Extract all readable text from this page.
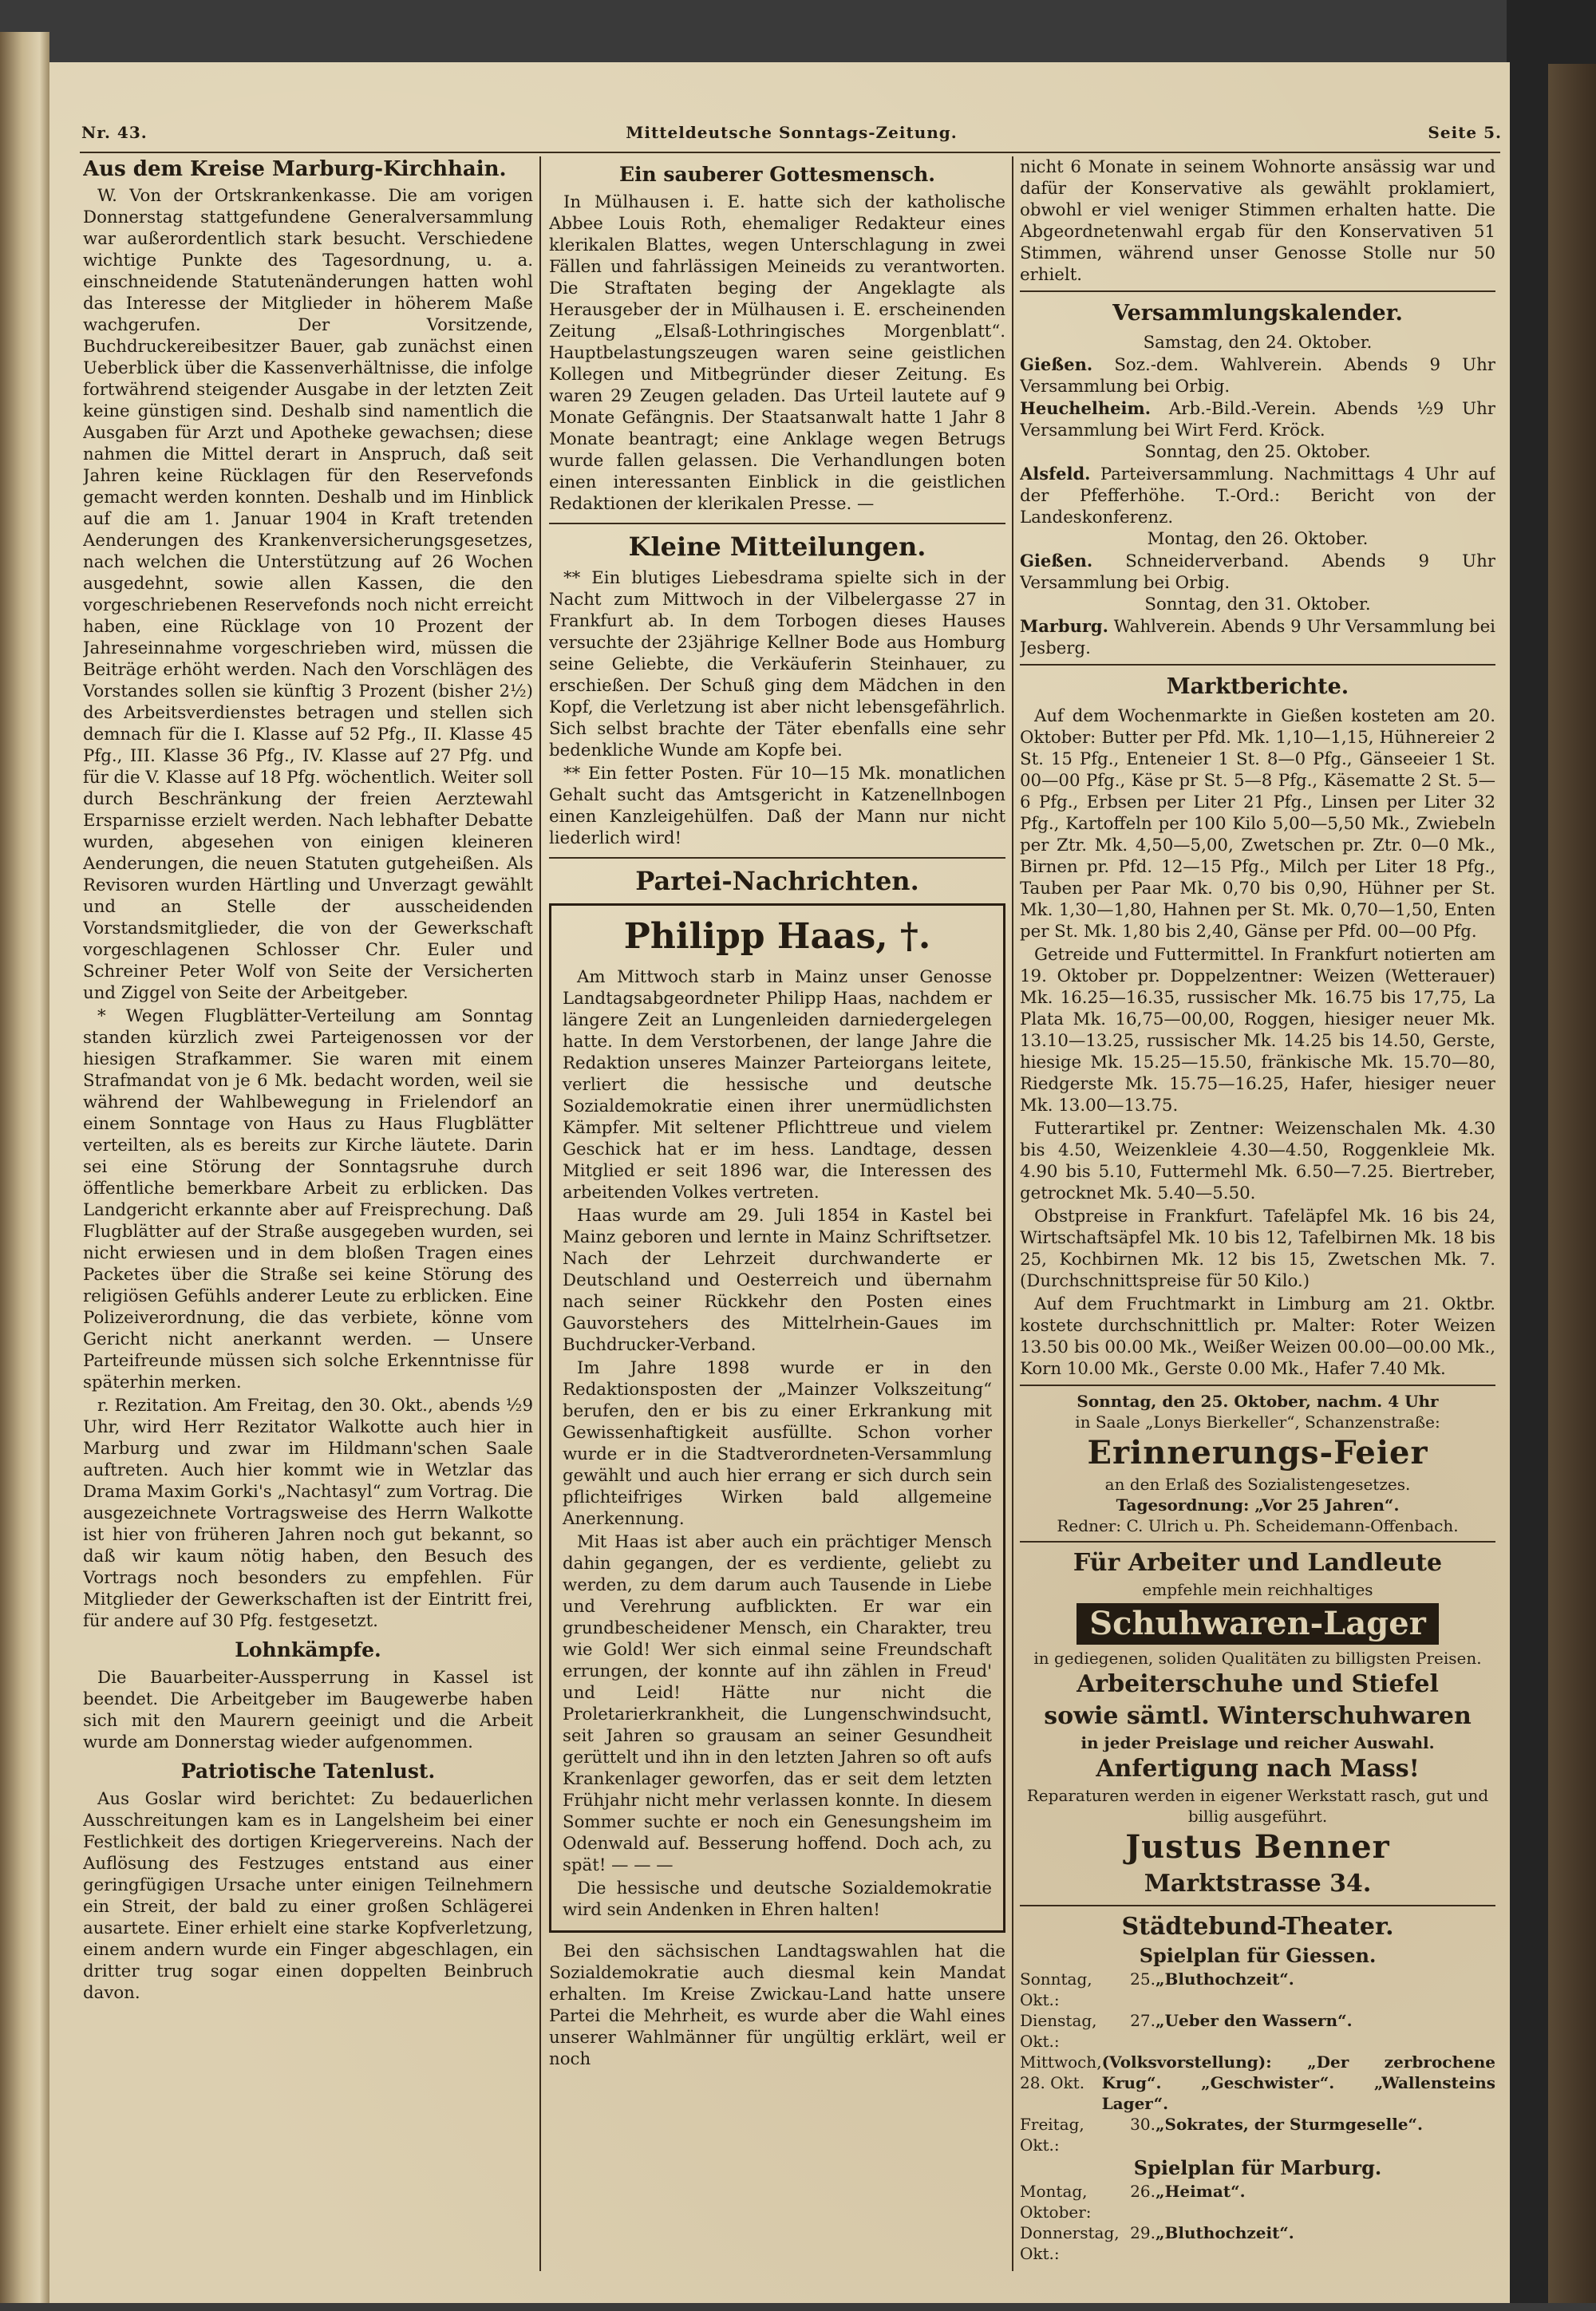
Nr. 43.	Mitteldeutsche Sonntags-Zeitung.	Seite 5.
Aus dem Kreise Marburg-Kirchhain.

W. Von der Ortskrankenkasse. Die am vorigen Donnerstag stattgefundene Generalversammlung war außerordentlich stark besucht. Verschiedene wichtige Punkte des Tagesordnung, u. a. einschneidende Statutenänderungen hatten wohl das Interesse der Mitglieder in höherem Maße wachgerufen. Der Vorsitzende, Buchdruckereibesitzer Bauer, gab zunächst einen Ueberblick über die Kassenverhältnisse, die infolge fortwährend steigender Ausgabe in der letzten Zeit keine günstigen sind. Deshalb sind namentlich die Ausgaben für Arzt und Apotheke gewachsen; diese nahmen die Mittel derart in Anspruch, daß seit Jahren keine Rücklagen für den Reservefonds gemacht werden konnten. Deshalb und im Hinblick auf die am 1. Januar 1904 in Kraft tretenden Aenderungen des Krankenversicherungsgesetzes, nach welchen die Unterstützung auf 26 Wochen ausgedehnt, sowie allen Kassen, die den vorgeschriebenen Reservefonds noch nicht erreicht haben, eine Rücklage von 10 Prozent der Jahreseinnahme vorgeschrieben wird, müssen die Beiträge erhöht werden. Nach den Vorschlägen des Vorstandes sollen sie künftig 3 Prozent (bisher 2½) des Arbeitsverdienstes betragen und stellen sich demnach für die I. Klasse auf 52 Pfg., II. Klasse 45 Pfg., III. Klasse 36 Pfg., IV. Klasse auf 27 Pfg. und für die V. Klasse auf 18 Pfg. wöchentlich. Weiter soll durch Beschränkung der freien Aerztewahl Ersparnisse erzielt werden. Nach lebhafter Debatte wurden, abgesehen von einigen kleineren Aenderungen, die neuen Statuten gutgeheißen. Als Revisoren wurden Härtling und Unverzagt gewählt und an Stelle der ausscheidenden Vorstandsmitglieder, die von der Gewerkschaft vorgeschlagenen Schlosser Chr. Euler und Schreiner Peter Wolf von Seite der Versicherten und Ziggel von Seite der Arbeitgeber.

* Wegen Flugblätter-Verteilung am Sonntag standen kürzlich zwei Parteigenossen vor der hiesigen Strafkammer. Sie waren mit einem Strafmandat von je 6 Mk. bedacht worden, weil sie während der Wahlbewegung in Frielendorf an einem Sonntage von Haus zu Haus Flugblätter verteilten, als es bereits zur Kirche läutete. Darin sei eine Störung der Sonntagsruhe durch öffentliche bemerkbare Arbeit zu erblicken. Das Landgericht erkannte aber auf Freisprechung. Daß Flugblätter auf der Straße ausgegeben wurden, sei nicht erwiesen und in dem bloßen Tragen eines Packetes über die Straße sei keine Störung des religiösen Gefühls anderer Leute zu erblicken. Eine Polizeiverordnung, die das verbiete, könne vom Gericht nicht anerkannt werden. — Unsere Parteifreunde müssen sich solche Erkenntnisse für späterhin merken.

r. Rezitation. Am Freitag, den 30. Okt., abends ½9 Uhr, wird Herr Rezitator Walkotte auch hier in Marburg und zwar im Hildmann'schen Saale auftreten. Auch hier kommt wie in Wetzlar das Drama Maxim Gorki's „Nachtasyl“ zum Vortrag. Die ausgezeichnete Vortragsweise des Herrn Walkotte ist hier von früheren Jahren noch gut bekannt, so daß wir kaum nötig haben, den Besuch des Vortrags noch besonders zu empfehlen. Für Mitglieder der Gewerkschaften ist der Eintritt frei, für andere auf 30 Pfg. festgesetzt.

Lohnkämpfe.

Die Bauarbeiter-Aussperrung in Kassel ist beendet. Die Arbeitgeber im Baugewerbe haben sich mit den Maurern geeinigt und die Arbeit wurde am Donnerstag wieder aufgenommen.

Patriotische Tatenlust.

Aus Goslar wird berichtet: Zu bedauerlichen Ausschreitungen kam es in Langelsheim bei einer Festlichkeit des dortigen Kriegervereins. Nach der Auflösung des Festzuges entstand aus einer geringfügigen Ursache unter einigen Teilnehmern ein Streit, der bald zu einer großen Schlägerei ausartete. Einer erhielt eine starke Kopfverletzung, einem andern wurde ein Finger abgeschlagen, ein dritter trug sogar einen doppelten Beinbruch davon.

Ein sauberer Gottesmensch.

In Mülhausen i. E. hatte sich der katholische Abbee Louis Roth, ehemaliger Redakteur eines klerikalen Blattes, wegen Unterschlagung in zwei Fällen und fahrlässigen Meineids zu verantworten. Die Straftaten beging der Angeklagte als Herausgeber der in Mülhausen i. E. erscheinenden Zeitung „Elsaß-Lothringisches Morgenblatt“. Hauptbelastungszeugen waren seine geistlichen Kollegen und Mitbegründer dieser Zeitung. Es waren 29 Zeugen geladen. Das Urteil lautete auf 9 Monate Gefängnis. Der Staatsanwalt hatte 1 Jahr 8 Monate beantragt; eine Anklage wegen Betrugs wurde fallen gelassen. Die Verhandlungen boten einen interessanten Einblick in die geistlichen Redaktionen der klerikalen Presse. —

Kleine Mitteilungen.

** Ein blutiges Liebesdrama spielte sich in der Nacht zum Mittwoch in der Vilbelergasse 27 in Frankfurt ab. In dem Torbogen dieses Hauses versuchte der 23jährige Kellner Bode aus Homburg seine Geliebte, die Verkäuferin Steinhauer, zu erschießen. Der Schuß ging dem Mädchen in den Kopf, die Verletzung ist aber nicht lebensgefährlich. Sich selbst brachte der Täter ebenfalls eine sehr bedenkliche Wunde am Kopfe bei.

** Ein fetter Posten. Für 10—15 Mk. monatlichen Gehalt sucht das Amtsgericht in Katzenellnbogen einen Kanzleigehülfen. Daß der Mann nur nicht liederlich wird!

Partei-Nachrichten.
Philipp Haas, †.

Am Mittwoch starb in Mainz unser Genosse Landtagsabgeordneter Philipp Haas, nachdem er längere Zeit an Lungenleiden darniedergelegen hatte. In dem Verstorbenen, der lange Jahre die Redaktion unseres Mainzer Parteiorgans leitete, verliert die hessische und deutsche Sozialdemokratie einen ihrer unermüdlichsten Kämpfer. Mit seltener Pflichttreue und vielem Geschick hat er im hess. Landtage, dessen Mitglied er seit 1896 war, die Interessen des arbeitenden Volkes vertreten.

Haas wurde am 29. Juli 1854 in Kastel bei Mainz geboren und lernte in Mainz Schriftsetzer. Nach der Lehrzeit durchwanderte er Deutschland und Oesterreich und übernahm nach seiner Rückkehr den Posten eines Gauvorstehers des Mittelrhein-Gaues im Buchdrucker-Verband.

Im Jahre 1898 wurde er in den Redaktionsposten der „Mainzer Volkszeitung“ berufen, den er bis zu einer Erkrankung mit Gewissenhaftigkeit ausfüllte. Schon vorher wurde er in die Stadtverordneten-Versammlung gewählt und auch hier errang er sich durch sein pflichteifriges Wirken bald allgemeine Anerkennung.

Mit Haas ist aber auch ein prächtiger Mensch dahin gegangen, der es verdiente, geliebt zu werden, zu dem darum auch Tausende in Liebe und Verehrung aufblickten. Er war ein grundbescheidener Mensch, ein Charakter, treu wie Gold! Wer sich einmal seine Freundschaft errungen, der konnte auf ihn zählen in Freud' und Leid! Hätte nur nicht die Proletarierkrankheit, die Lungenschwindsucht, seit Jahren so grausam an seiner Gesundheit gerüttelt und ihn in den letzten Jahren so oft aufs Krankenlager geworfen, das er seit dem letzten Frühjahr nicht mehr verlassen konnte. In diesem Sommer suchte er noch ein Genesungsheim im Odenwald auf. Besserung hoffend. Doch ach, zu spät! — — —

Die hessische und deutsche Sozialdemokratie wird sein Andenken in Ehren halten!

Bei den sächsischen Landtagswahlen hat die Sozialdemokratie auch diesmal kein Mandat erhalten. Im Kreise Zwickau-Land hatte unsere Partei die Mehrheit, es wurde aber die Wahl eines unserer Wahlmänner für ungültig erklärt, weil er noch

nicht 6 Monate in seinem Wohnorte ansässig war und dafür der Konservative als gewählt proklamiert, obwohl er viel weniger Stimmen erhalten hatte. Die Abgeordnetenwahl ergab für den Konservativen 51 Stimmen, während unser Genosse Stolle nur 50 erhielt.

Versammlungskalender.

Samstag, den 24. Oktober.

Gießen. Soz.-dem. Wahlverein. Abends 9 Uhr Versammlung bei Orbig.

Heuchelheim. Arb.-Bild.-Verein. Abends ½9 Uhr Versammlung bei Wirt Ferd. Kröck.

Sonntag, den 25. Oktober.

Alsfeld. Parteiversammlung. Nachmittags 4 Uhr auf der Pfefferhöhe. T.-Ord.: Bericht von der Landeskonferenz.

Montag, den 26. Oktober.

Gießen. Schneiderverband. Abends 9 Uhr Versammlung bei Orbig.

Sonntag, den 31. Oktober.

Marburg. Wahlverein. Abends 9 Uhr Versammlung bei Jesberg.

Marktberichte.

Auf dem Wochenmarkte in Gießen kosteten am 20. Oktober: Butter per Pfd. Mk. 1,10—1,15, Hühnereier 2 St. 15 Pfg., Enteneier 1 St. 8—0 Pfg., Gänseeier 1 St. 00—00 Pfg., Käse pr St. 5—8 Pfg., Käsematte 2 St. 5—6 Pfg., Erbsen per Liter 21 Pfg., Linsen per Liter 32 Pfg., Kartoffeln per 100 Kilo 5,00—5,50 Mk., Zwiebeln per Ztr. Mk. 4,50—5,00, Zwetschen pr. Ztr. 0—0 Mk., Birnen pr. Pfd. 12—15 Pfg., Milch per Liter 18 Pfg., Tauben per Paar Mk. 0,70 bis 0,90, Hühner per St. Mk. 1,30—1,80, Hahnen per St. Mk. 0,70—1,50, Enten per St. Mk. 1,80 bis 2,40, Gänse per Pfd. 00—00 Pfg.

Getreide und Futtermittel. In Frankfurt notierten am 19. Oktober pr. Doppelzentner: Weizen (Wetterauer) Mk. 16.25—16.35, russischer Mk. 16.75 bis 17,75, La Plata Mk. 16,75—00,00, Roggen, hiesiger neuer Mk. 13.10—13.25, russischer Mk. 14.25 bis 14.50, Gerste, hiesige Mk. 15.25—15.50, fränkische Mk. 15.70—80, Riedgerste Mk. 15.75—16.25, Hafer, hiesiger neuer Mk. 13.00—13.75.

Futterartikel pr. Zentner: Weizenschalen Mk. 4.30 bis 4.50, Weizenkleie 4.30—4.50, Roggenkleie Mk. 4.90 bis 5.10, Futtermehl Mk. 6.50—7.25. Biertreber, getrocknet Mk. 5.40—5.50.

Obstpreise in Frankfurt. Tafeläpfel Mk. 16 bis 24, Wirtschaftsäpfel Mk. 10 bis 12, Tafelbirnen Mk. 18 bis 25, Kochbirnen Mk. 12 bis 15, Zwetschen Mk. 7. (Durchschnittspreise für 50 Kilo.)

Auf dem Fruchtmarkt in Limburg am 21. Oktbr. kostete durchschnittlich pr. Malter: Roter Weizen 13.50 bis 00.00 Mk., Weißer Weizen 00.00—00.00 Mk., Korn 10.00 Mk., Gerste 0.00 Mk., Hafer 7.40 Mk.

Sonntag, den 25. Oktober, nachm. 4 Uhr
in Saale „Lonys Bierkeller“, Schanzenstraße:
Erinnerungs-Feier
an den Erlaß des Sozialistengesetzes.
Tagesordnung: „Vor 25 Jahren“.
Redner: C. Ulrich u. Ph. Scheidemann-Offenbach.
Für Arbeiter und Landleute
empfehle mein reichhaltiges
Schuhwaren-Lager
in gediegenen, soliden Qualitäten zu billigsten Preisen.
Arbeiterschuhe und Stiefel
sowie sämtl. Winterschuhwaren
in jeder Preislage und reicher Auswahl.
Anfertigung nach Mass!
Reparaturen werden in eigener Werkstatt rasch, gut und billig ausgeführt.
Justus Benner
Marktstrasse 34.
Städtebund-Theater.
Spielplan für Giessen.
Sonntag, 25. Okt.:
„Bluthochzeit“.
Dienstag, 27. Okt.:
„Ueber den Wassern“.
Mittwoch, 28. Okt.
(Volksvorstellung): „Der zerbrochene Krug“. „Geschwister“. „Wallensteins Lager“.
Freitag, 30. Okt.:
„Sokrates, der Sturmgeselle“.
Spielplan für Marburg.
Montag, 26. Oktober:
„Heimat“.
Donnerstag, 29. Okt.:
„Bluthochzeit“.
